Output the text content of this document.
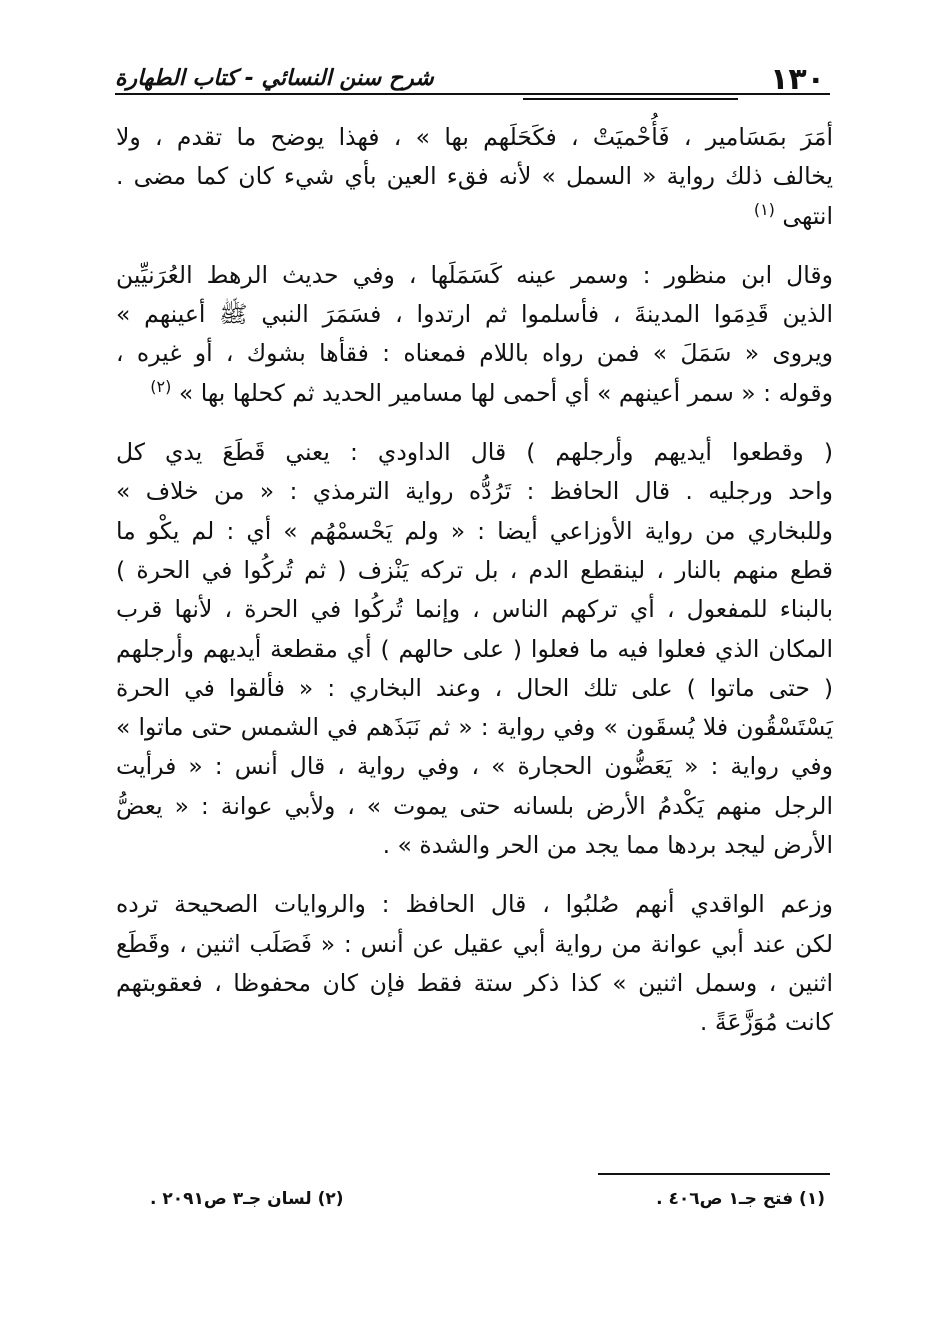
١٣٠
شرح سنن النسائي - كتاب الطهارة
أمَرَ بمَسَامير ، فَأُحْميَتْ ، فكَحَلَهم بها » ، فهذا يوضح ما تقدم ، ولا
يخالف ذلك رواية « السمل » لأنه فقء العين بأي شيء كان كما مضى .
انتهى $^{(١)}$
وقال ابن منظور : وسمر عينه كَسَمَلَها ، وفي حديث الرهط العُرَنيِّين
الذين قَدِمَوا المدينةَ ، فأسلموا ثم ارتدوا ، فسَمَرَ النبي ﷺ أعينهم »
ويروى « سَمَلَ » فمن رواه باللام فمعناه : فقأها بشوك ، أو غيره ،
وقوله : « سمر أعينهم » أي أحمى لها مسامير الحديد ثم كحلها بها » $^{(٢)}$
( وقطعوا أيديهم وأرجلهم ) قال الداودي : يعني قَطَعَ يدي كل
واحد ورجليه . قال الحافظ : تَرُدُّه رواية الترمذي : « من خلاف »
وللبخاري من رواية الأوزاعي أيضا : « ولم يَحْسمْهُم » أي : لم يكْو ما
قطع منهم بالنار ، لينقطع الدم ، بل تركه يَنْزف ( ثم تُركُوا في الحرة )
بالبناء للمفعول ، أي تركهم الناس ، وإنما تُركُوا في الحرة ، لأنها قرب
المكان الذي فعلوا فيه ما فعلوا ( على حالهم ) أي مقطعة أيديهم وأرجلهم
( حتى ماتوا ) على تلك الحال ، وعند البخاري : « فألقوا في الحرة
يَسْتَسْقُون فلا يُسقَون » وفي رواية : « ثم نَبَذَهم في الشمس حتى ماتوا »
وفي رواية : « يَعَضُّون الحجارة » ، وفي رواية ، قال أنس : « فرأيت
الرجل منهم يَكْدمُ الأرض بلسانه حتى يموت » ، ولأبي عوانة : « يعضُّ
الأرض ليجد بردها مما يجد من الحر والشدة » .
وزعم الواقدي أنهم صُلبُوا ، قال الحافظ : والروايات الصحيحة ترده
لكن عند أبي عوانة من رواية أبي عقيل عن أنس : « فَصَلَب اثنين ، وقَطَع
اثنين ، وسمل اثنين » كذا ذكر ستة فقط فإن كان محفوظا ، فعقوبتهم
كانت مُوَزَّعَةً .
(١) فتح جـ١ ص٤٠٦ .
(٢) لسان جـ٣ ص٢٠٩١ .
